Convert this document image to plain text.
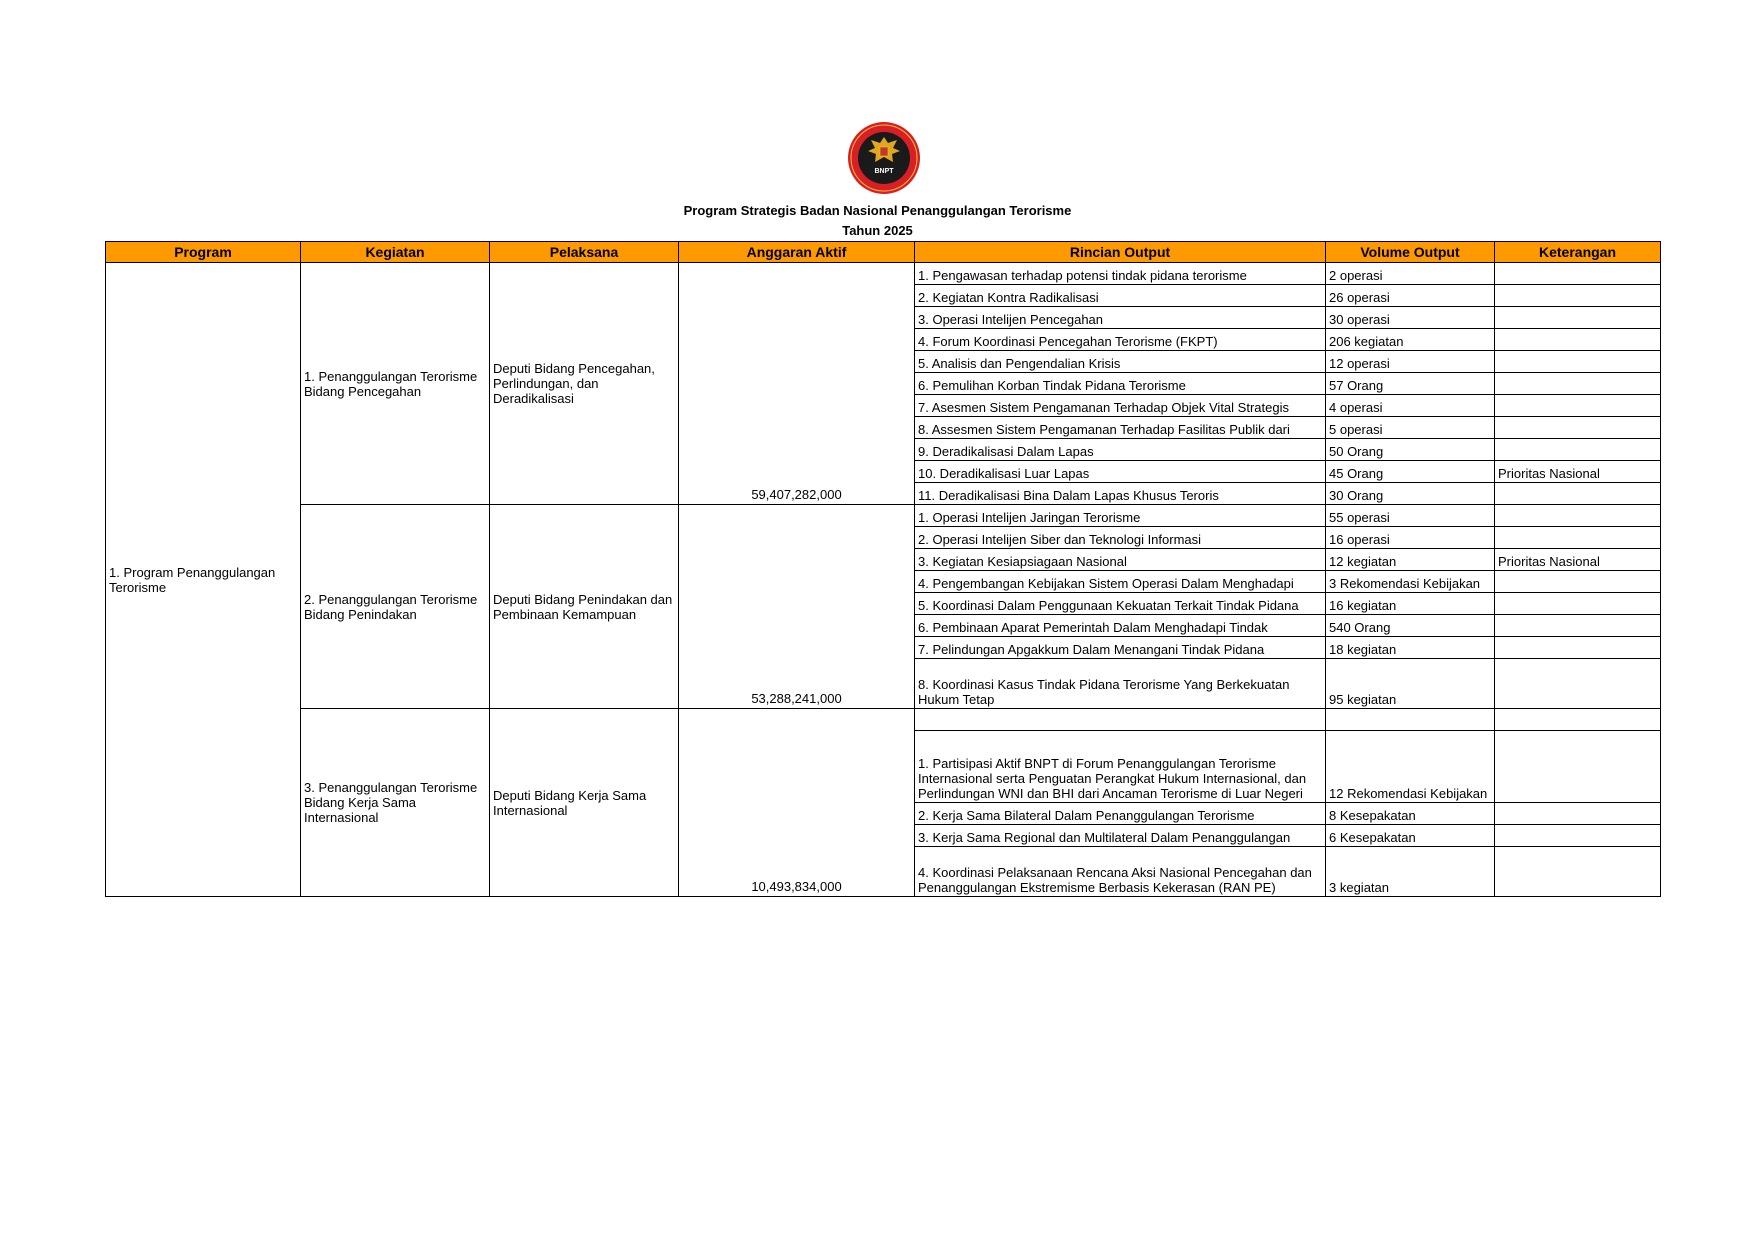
BNPT
Program Strategis Badan Nasional Penanggulangan Terorisme
Tahun 2025
Program	Kegiatan	Pelaksana	Anggaran Aktif	Rincian Output	Volume Output	Keterangan
1. Program Penanggulangan Terorisme	1. Penanggulangan Terorisme Bidang Pencegahan	Deputi Bidang Pencegahan, Perlindungan, dan Deradikalisasi	59,407,282,000	1. Pengawasan terhadap potensi tindak pidana terorisme	2 operasi	
				2. Kegiatan Kontra Radikalisasi	26 operasi	
				3. Operasi Intelijen Pencegahan	30 operasi	
				4. Forum Koordinasi Pencegahan Terorisme (FKPT)	206 kegiatan	
				5. Analisis dan Pengendalian Krisis	12 operasi	
				6. Pemulihan Korban Tindak Pidana Terorisme	57 Orang	
				7. Asesmen Sistem Pengamanan Terhadap Objek Vital Strategis	4 operasi	
				8. Assesmen Sistem Pengamanan Terhadap Fasilitas Publik dari	5 operasi	
				9. Deradikalisasi Dalam Lapas	50 Orang	
				10. Deradikalisasi Luar Lapas	45 Orang	Prioritas Nasional
				11. Deradikalisasi Bina Dalam Lapas Khusus Teroris	30 Orang	
	2. Penanggulangan Terorisme Bidang Penindakan	Deputi Bidang Penindakan dan Pembinaan Kemampuan	53,288,241,000	1. Operasi Intelijen Jaringan Terorisme	55 operasi	
				2. Operasi Intelijen Siber dan Teknologi Informasi	16 operasi	
				3. Kegiatan Kesiapsiagaan Nasional	12 kegiatan	Prioritas Nasional
				4. Pengembangan Kebijakan Sistem Operasi Dalam Menghadapi	3 Rekomendasi Kebijakan	
				5. Koordinasi Dalam Penggunaan Kekuatan Terkait Tindak Pidana	16 kegiatan	
				6. Pembinaan Aparat Pemerintah Dalam Menghadapi Tindak	540 Orang	
				7. Pelindungan Apgakkum Dalam Menangani Tindak Pidana	18 kegiatan	
				8. Koordinasi Kasus Tindak Pidana Terorisme Yang Berkekuatan Hukum Tetap	95 kegiatan	
	3. Penanggulangan Terorisme Bidang Kerja Sama Internasional	Deputi Bidang Kerja Sama Internasional	10,493,834,000			
				1. Partisipasi Aktif BNPT di Forum Penanggulangan Terorisme Internasional serta Penguatan Perangkat Hukum Internasional, dan Perlindungan WNI dan BHI dari Ancaman Terorisme di Luar Negeri	12 Rekomendasi Kebijakan	
				2. Kerja Sama Bilateral Dalam Penanggulangan Terorisme	8 Kesepakatan	
				3. Kerja Sama Regional dan Multilateral Dalam Penanggulangan	6 Kesepakatan	
				4. Koordinasi Pelaksanaan Rencana Aksi Nasional Pencegahan dan Penanggulangan Ekstremisme Berbasis Kekerasan (RAN PE)	3 kegiatan	
